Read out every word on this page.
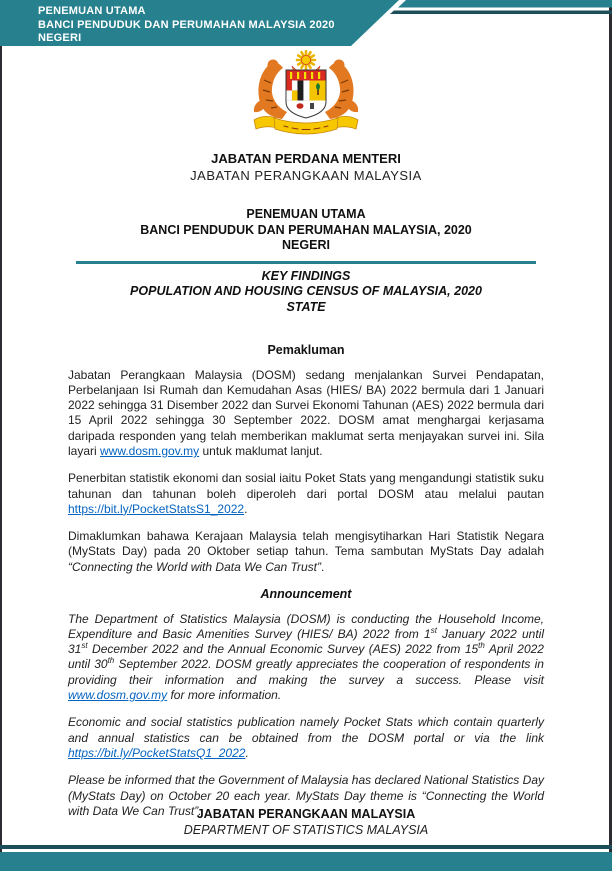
PENEMUAN UTAMA
BANCI PENDUDUK DAN PERUMAHAN MALAYSIA 2020
NEGERI
JABATAN PERDANA MENTERI
JABATAN PERANGKAAN MALAYSIA
PENEMUAN UTAMA
BANCI PENDUDUK DAN PERUMAHAN MALAYSIA, 2020
NEGERI
KEY FINDINGS
POPULATION AND HOUSING CENSUS OF MALAYSIA, 2020
STATE
Pemakluman

Jabatan Perangkaan Malaysia (DOSM) sedang menjalankan Survei Pendapatan, Perbelanjaan Isi Rumah dan Kemudahan Asas (HIES/ BA) 2022 bermula dari 1 Januari 2022 sehingga 31 Disember 2022 dan Survei Ekonomi Tahunan (AES) 2022 bermula dari 15 April 2022 sehingga 30 September 2022. DOSM amat menghargai kerjasama daripada responden yang telah memberikan maklumat serta menjayakan survei ini. Sila layari www.dosm.gov.my untuk maklumat lanjut.

Penerbitan statistik ekonomi dan sosial iaitu Poket Stats yang mengandungi statistik suku tahunan dan tahunan boleh diperoleh dari portal DOSM atau melalui pautan https://bit.ly/PocketStatsS1_2022.

Dimaklumkan bahawa Kerajaan Malaysia telah mengisytiharkan Hari Statistik Negara (MyStats Day) pada 20 Oktober setiap tahun. Tema sambutan MyStats Day adalah “Connecting the World with Data We Can Trust”.

Announcement

The Department of Statistics Malaysia (DOSM) is conducting the Household Income, Expenditure and Basic Amenities Survey (HIES/ BA) 2022 from 1st January 2022 until 31st December 2022 and the Annual Economic Survey (AES) 2022 from 15th April 2022 until 30th September 2022. DOSM greatly appreciates the cooperation of respondents in providing their information and making the survey a success. Please visit www.dosm.gov.my for more information.

Economic and social statistics publication namely Pocket Stats which contain quarterly and annual statistics can be obtained from the DOSM portal or via the link https://bit.ly/PocketStatsQ1_2022.

Please be informed that the Government of Malaysia has declared National Statistics Day (MyStats Day) on October 20 each year. MyStats Day theme is “Connecting the World with Data We Can Trust”.

JABATAN PERANGKAAN MALAYSIA
DEPARTMENT OF STATISTICS MALAYSIA
